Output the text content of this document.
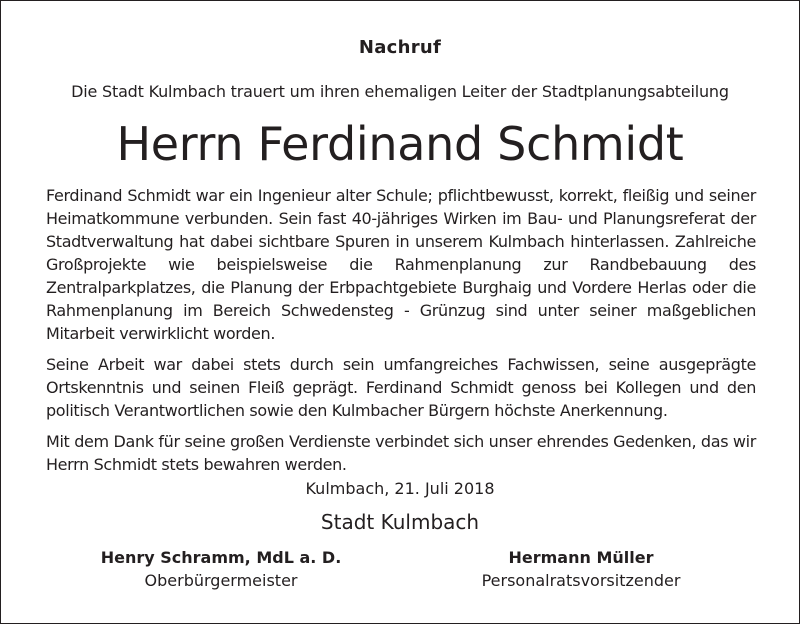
Nachruf
Die Stadt Kulmbach trauert um ihren ehemaligen Leiter der Stadtplanungsabteilung
Herrn Ferdinand Schmidt

Ferdinand Schmidt war ein Ingenieur alter Schule; pflichtbewusst, korrekt, fleißig und seiner Heimatkommune verbunden. Sein fast 40-jähriges Wirken im Bau- und Planungsreferat der Stadtverwaltung hat dabei sichtbare Spuren in unserem Kulmbach hinterlassen. Zahlreiche Großprojekte wie beispielsweise die Rahmenplanung zur Randbebauung des Zentralparkplatzes, die Planung der Erbpachtgebiete Burghaig und Vordere Herlas oder die Rahmenplanung im Bereich Schwedensteg - Grünzug sind unter seiner maßgeblichen Mitarbeit verwirklicht worden.

Seine Arbeit war dabei stets durch sein umfangreiches Fachwissen, seine ausgeprägte Ortskenntnis und seinen Fleiß geprägt. Ferdinand Schmidt genoss bei Kollegen und den politisch Verantwortlichen sowie den Kulmbacher Bürgern höchste Anerkennung.

Mit dem Dank für seine großen Verdienste verbindet sich unser ehrendes Gedenken, das wir Herrn Schmidt stets bewahren werden.

Kulmbach, 21. Juli 2018
Stadt Kulmbach
Henry Schramm, MdL a. D.
Oberbürgermeister
Hermann Müller
Personalratsvorsitzender
